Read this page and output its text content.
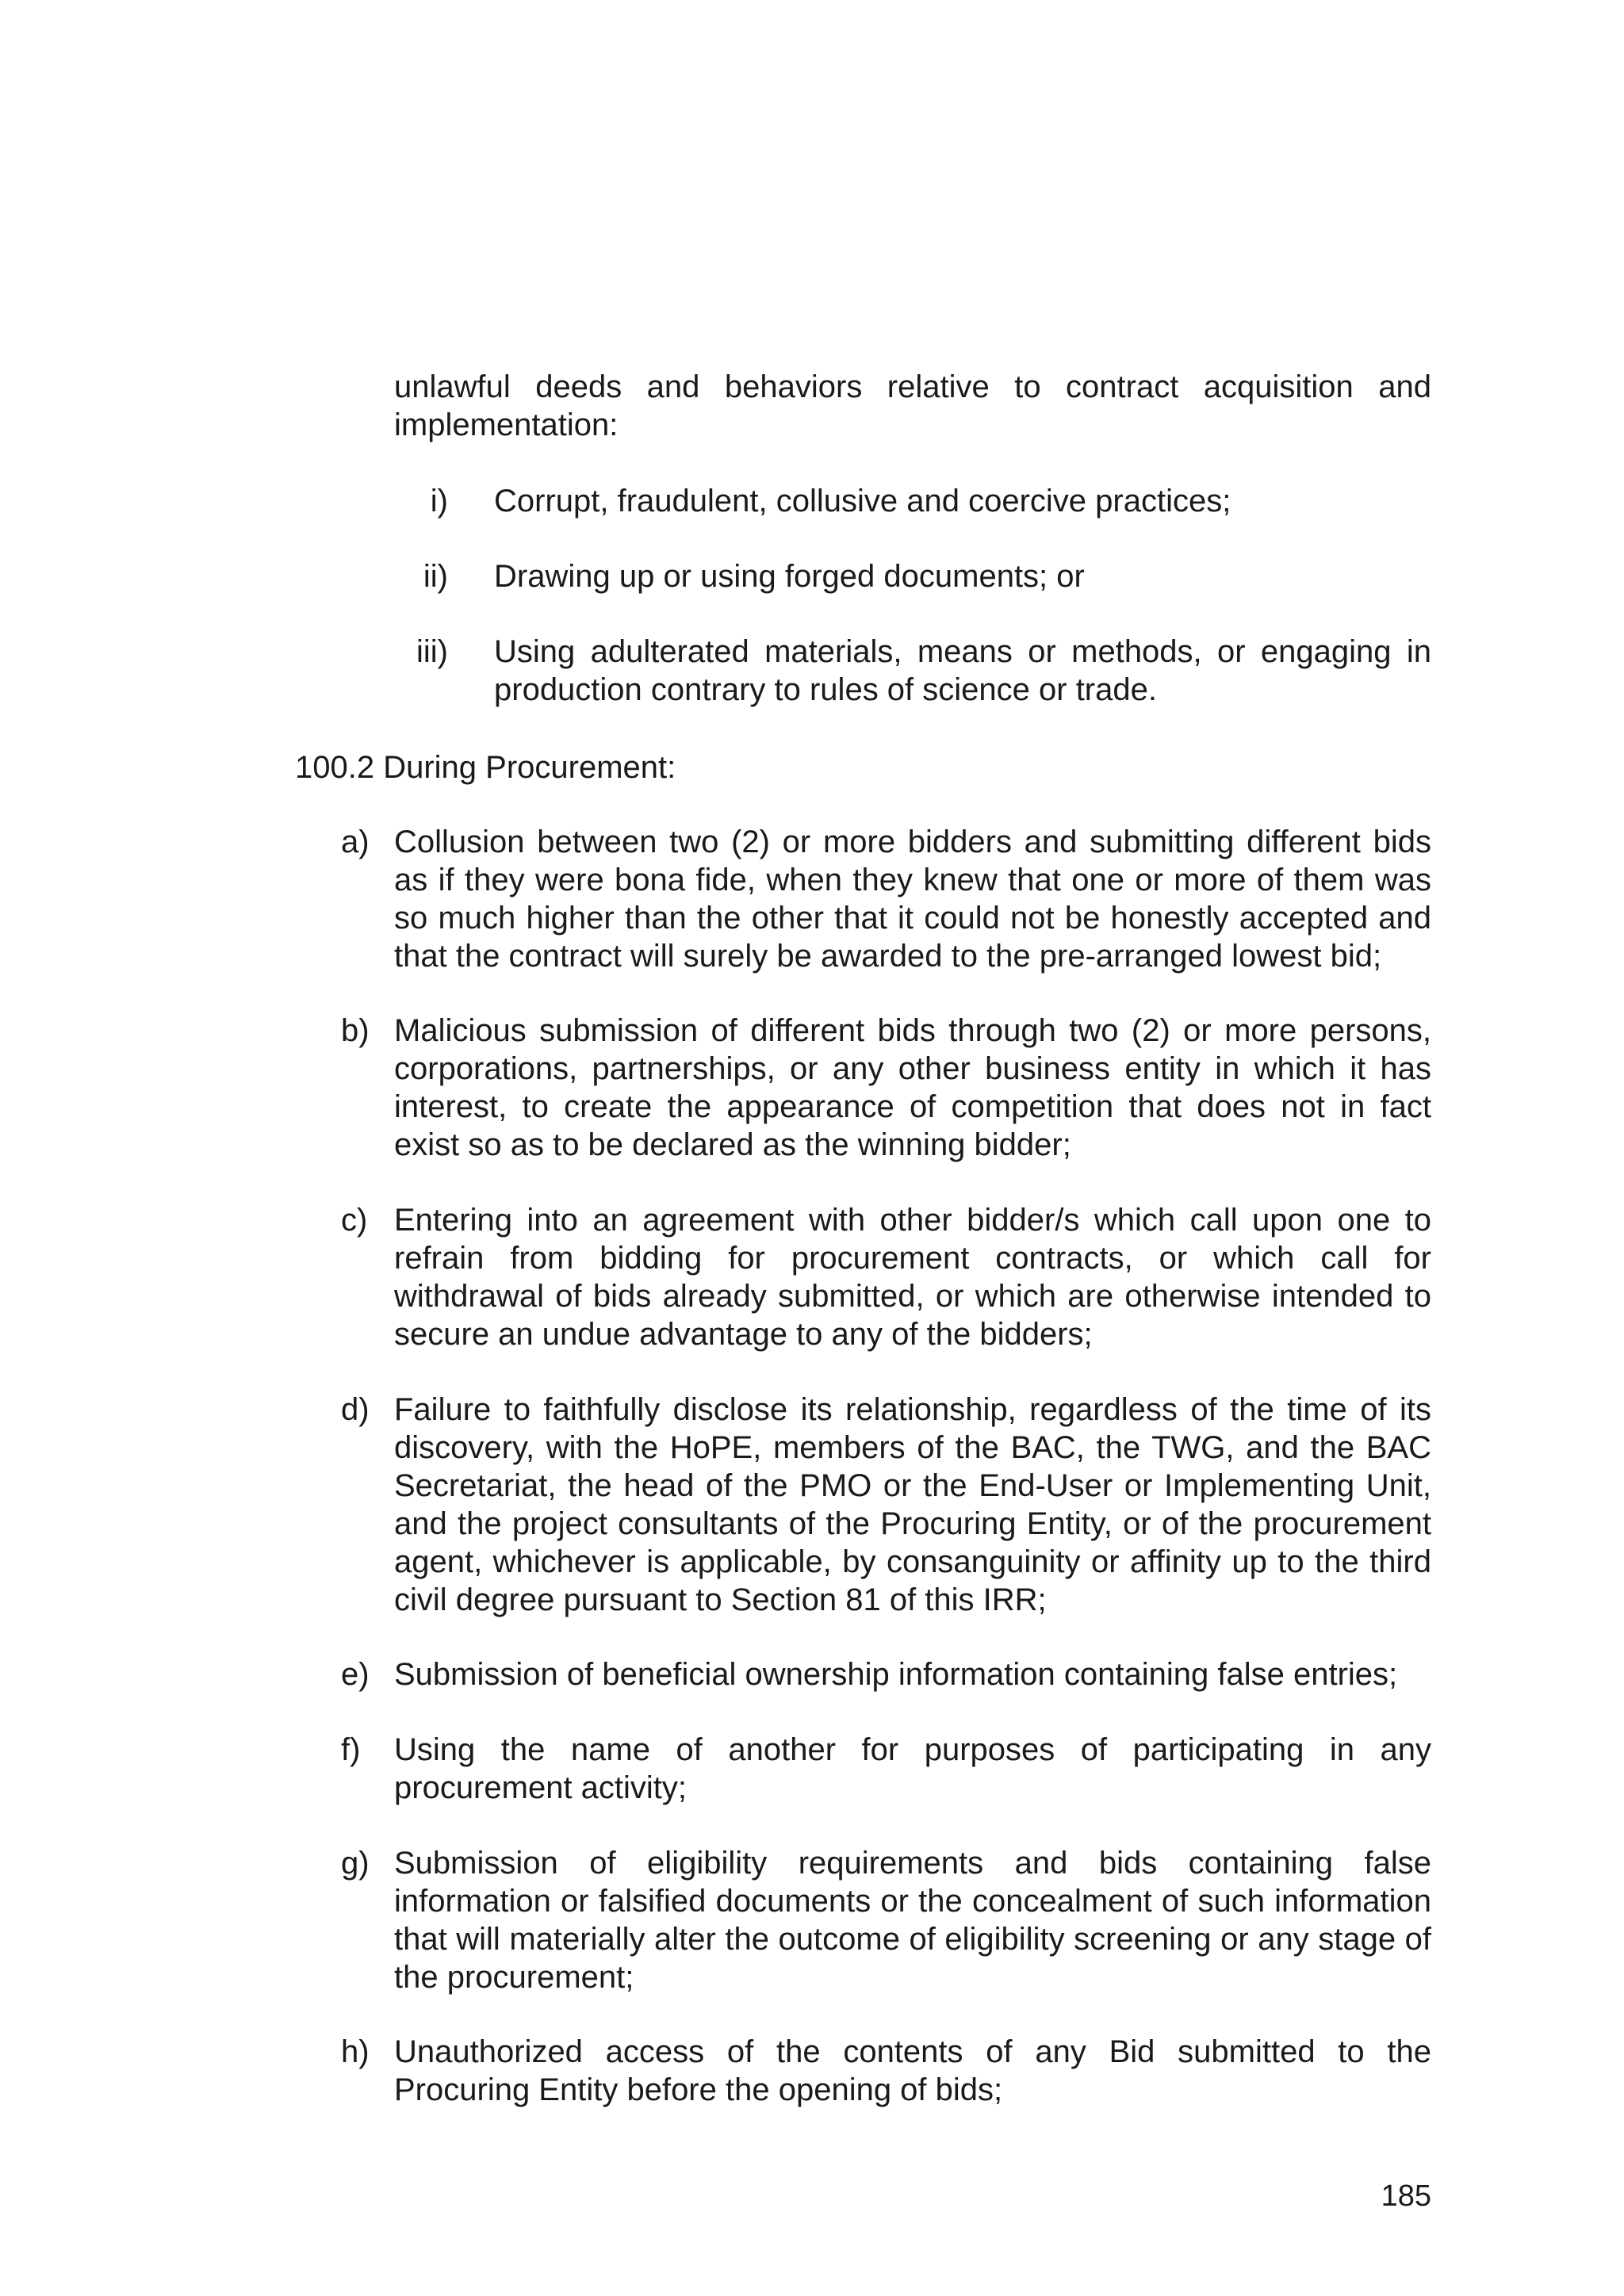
unlawful deeds and behaviors relative to contract acquisition and implementation:

i) Corrupt, fraudulent, collusive and coercive practices;
ii) Drawing up or using forged documents; or
iii) Using adulterated materials, means or methods, or engaging in production contrary to rules of science or trade.
100.2 During Procurement:
a) Collusion between two (2) or more bidders and submitting different bids as if they were bona fide, when they knew that one or more of them was so much higher than the other that it could not be honestly accepted and that the contract will surely be awarded to the pre-arranged lowest bid;
b) Malicious submission of different bids through two (2) or more persons, corporations, partnerships, or any other business entity in which it has interest, to create the appearance of competition that does not in fact exist so as to be declared as the winning bidder;
c) Entering into an agreement with other bidder/s which call upon one to refrain from bidding for procurement contracts, or which call for withdrawal of bids already submitted, or which are otherwise intended to secure an undue advantage to any of the bidders;
d) Failure to faithfully disclose its relationship, regardless of the time of its discovery, with the HoPE, members of the BAC, the TWG, and the BAC Secretariat, the head of the PMO or the End-User or Implementing Unit, and the project consultants of the Procuring Entity, or of the procurement agent, whichever is applicable, by consanguinity or affinity up to the third civil degree pursuant to Section 81 of this IRR;
e) Submission of beneficial ownership information containing false entries;
f)	Using the name of another for purposes of participating in any procurement activity;
g) Submission of eligibility requirements and bids containing false information or falsified documents or the concealment of such information that will materially alter the outcome of eligibility screening or any stage of the procurement;
h) Unauthorized access of the contents of any Bid submitted to the Procuring Entity before the opening of bids;
185
